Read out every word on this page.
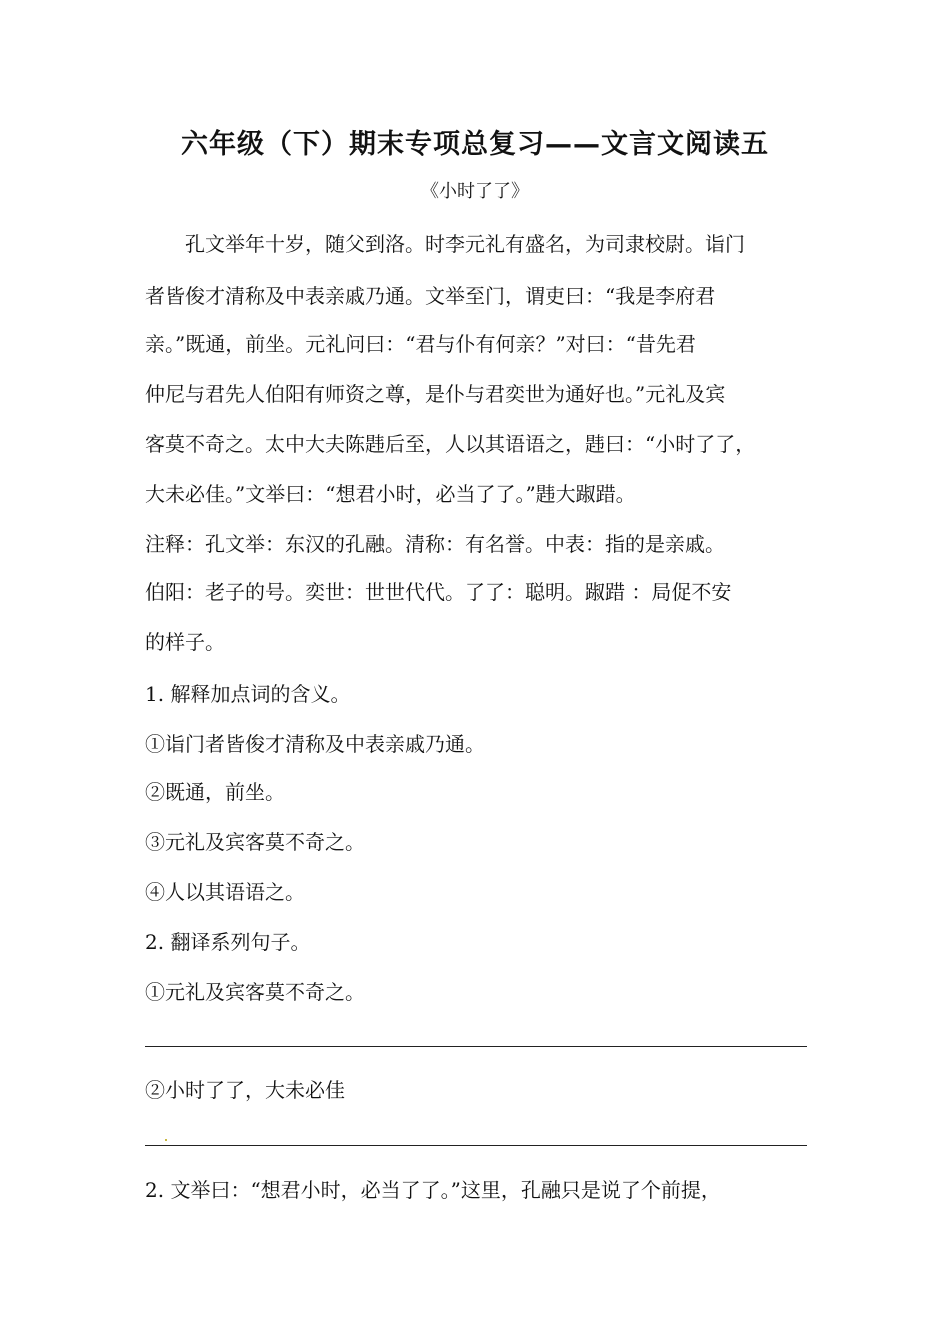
六年级（下）期末专项总复习——文言文阅读五
《小时了了》
　　孔文举年十岁，随父到洛。时李元礼有盛名，为司隶校尉。诣门
者皆俊才清称及中表亲戚乃通。文举至门，谓吏曰：“我是李府君
亲。”既通，前坐。元礼问曰：“君与仆有何亲？”对曰：“昔先君
仲尼与君先人伯阳有师资之尊，是仆与君奕世为通好也。”元礼及宾
客莫不奇之。太中大夫陈韪后至，人以其语语之，韪曰：“小时了了，
大未必佳。”文举曰：“想君小时，必当了了。”韪大踧踖。
注释：孔文举：东汉的孔融。清称：有名誉。中表：指的是亲戚。
伯阳：老子的号。奕世：世世代代。了了：聪明。踧踖 ：局促不安
的样子。
1. 解释加点词的含义。
①诣门者皆俊才清称及中表亲戚乃通。
②既通，前坐。
③元礼及宾客莫不奇之。
④人以其语语之。
2. 翻译系列句子。
①元礼及宾客莫不奇之。
②小时了了，大未必佳
2. 文举曰：“想君小时，必当了了。”这里，孔融只是说了个前提，
